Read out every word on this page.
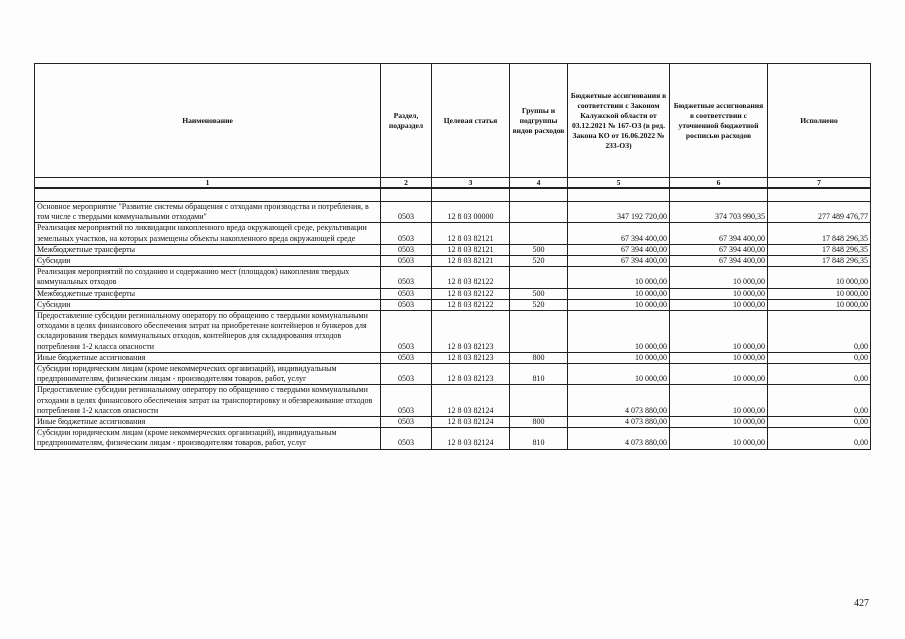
Наименование	Раздел, подраздел	Целевая статья	Группы и подгруппы видов расходов	Бюджетные ассигнования в соответствии с Законом Калужской области от 03.12.2021 № 167-ОЗ (в ред. Закона КО от 16.06.2022 № 233-ОЗ)	Бюджетные ассигнования в соответствии с уточненной бюджетной росписью расходов	Исполнено
1	2	3	4	5	6	7

Основное мероприятие "Развитие системы обращения с отходами производства и потребления, в том числе с твердыми коммунальными отходами"	0503	12 8 03 00000		347 192 720,00	374 703 990,35	277 489 476,77
Реализация мероприятий по ликвидации накопленного вреда окружающей среде, рекультивации земельных участков, на которых размещены объекты накопленного вреда окружающей среде	0503	12 8 03 82121		67 394 400,00	67 394 400,00	17 848 296,35
Межбюджетные трансферты	0503	12 8 03 82121	500	67 394 400,00	67 394 400,00	17 848 296,35
Субсидии	0503	12 8 03 82121	520	67 394 400,00	67 394 400,00	17 848 296,35
Реализация мероприятий по созданию и содержанию мест (площадок) накопления твердых коммунальных отходов	0503	12 8 03 82122		10 000,00	10 000,00	10 000,00
Межбюджетные трансферты	0503	12 8 03 82122	500	10 000,00	10 000,00	10 000,00
Субсидии	0503	12 8 03 82122	520	10 000,00	10 000,00	10 000,00
Предоставление субсидии региональному оператору по обращению с твердыми коммунальными отходами в целях финансового обеспечения затрат на приобретение контейнеров и бункеров для складирования твердых коммунальных отходов, контейнеров для складирования отходов потребления 1-2 класса опасности	0503	12 8 03 82123		10 000,00	10 000,00	0,00
Иные бюджетные ассигнования	0503	12 8 03 82123	800	10 000,00	10 000,00	0,00
Субсидии юридическим лицам (кроме некоммерческих организаций), индивидуальным предпринимателям, физическим лицам - производителям товаров, работ, услуг	0503	12 8 03 82123	810	10 000,00	10 000,00	0,00
Предоставление субсидии региональному оператору по обращению с твердыми коммунальными отходами в целях финансового обеспечения затрат на транспортировку и обезвреживание отходов потребления 1-2 классов опасности	0503	12 8 03 82124		4 073 880,00	10 000,00	0,00
Иные бюджетные ассигнования	0503	12 8 03 82124	800	4 073 880,00	10 000,00	0,00
Субсидии юридическим лицам (кроме некоммерческих организаций), индивидуальным предпринимателям, физическим лицам - производителям товаров, работ, услуг	0503	12 8 03 82124	810	4 073 880,00	10 000,00	0,00
427
